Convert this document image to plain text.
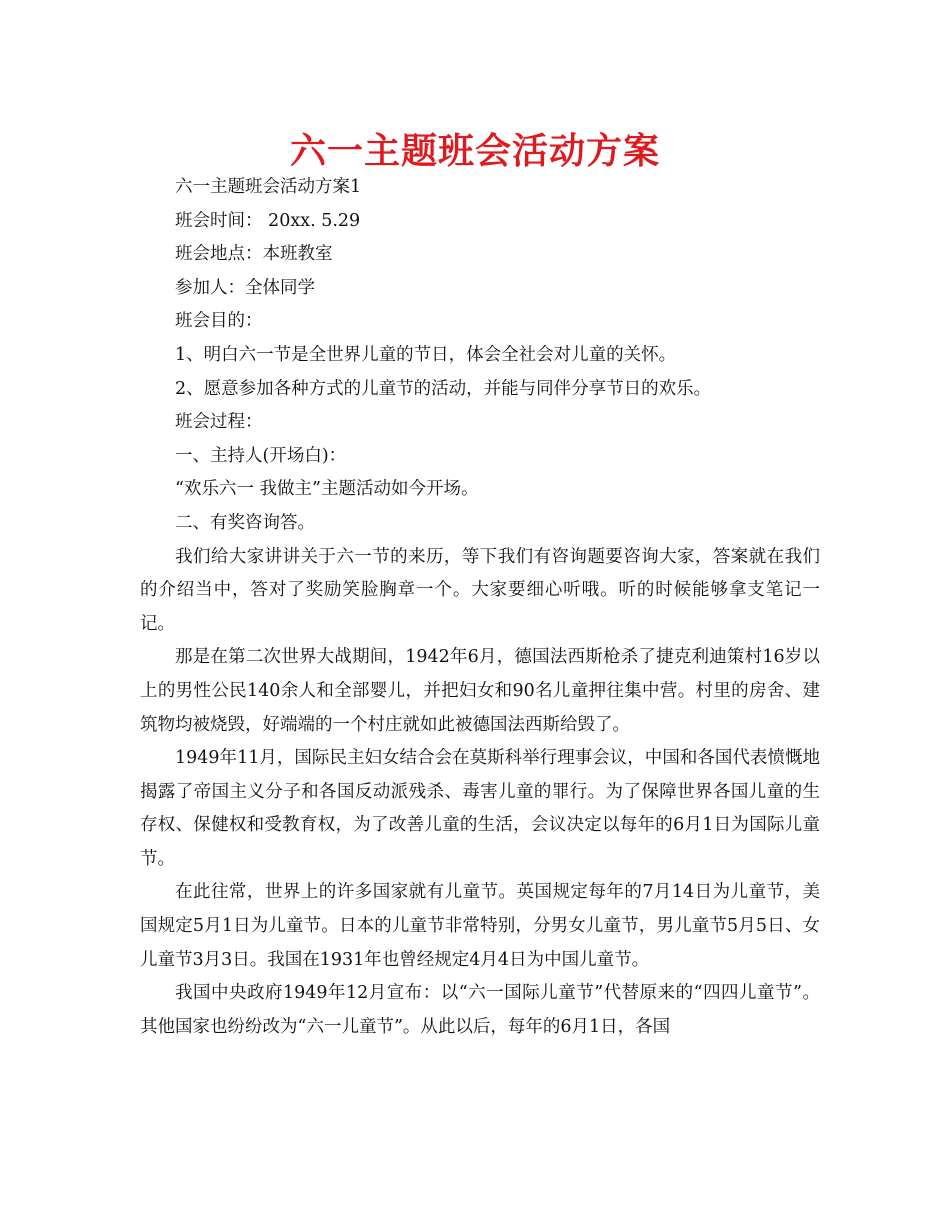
六一主题班会活动方案

六一主题班会活动方案1

班会时间： 20xx. 5.29

班会地点：本班教室

参加人：全体同学

班会目的：

1、明白六一节是全世界儿童的节日，体会全社会对儿童的关怀。

2、愿意参加各种方式的儿童节的活动，并能与同伴分享节日的欢乐。

班会过程：

一、主持人(开场白)：

“欢乐六一 我做主”主题活动如今开场。

二、有奖咨询答。

我们给大家讲讲关于六一节的来历，等下我们有咨询题要咨询大家，答案就在我们的介绍当中，答对了奖励笑脸胸章一个。大家要细心听哦。听的时候能够拿支笔记一记。

那是在第二次世界大战期间，1942年6月，德国法西斯枪杀了捷克利迪策村16岁以上的男性公民140余人和全部婴儿，并把妇女和90名儿童押往集中营。村里的房舍、建筑物均被烧毁，好端端的一个村庄就如此被德国法西斯给毁了。

1949年11月，国际民主妇女结合会在莫斯科举行理事会议，中国和各国代表愤慨地揭露了帝国主义分子和各国反动派残杀、毒害儿童的罪行。为了保障世界各国儿童的生存权、保健权和受教育权，为了改善儿童的生活，会议决定以每年的6月1日为国际儿童节。

在此往常，世界上的许多国家就有儿童节。英国规定每年的7月14日为儿童节，美国规定5月1日为儿童节。日本的儿童节非常特别，分男女儿童节，男儿童节5月5日、女儿童节3月3日。我国在1931年也曾经规定4月4日为中国儿童节。

我国中央政府1949年12月宣布：以“六一国际儿童节”代替原来的“四四儿童节”。其他国家也纷纷改为“六一儿童节”。从此以后，每年的6月1日，各国
